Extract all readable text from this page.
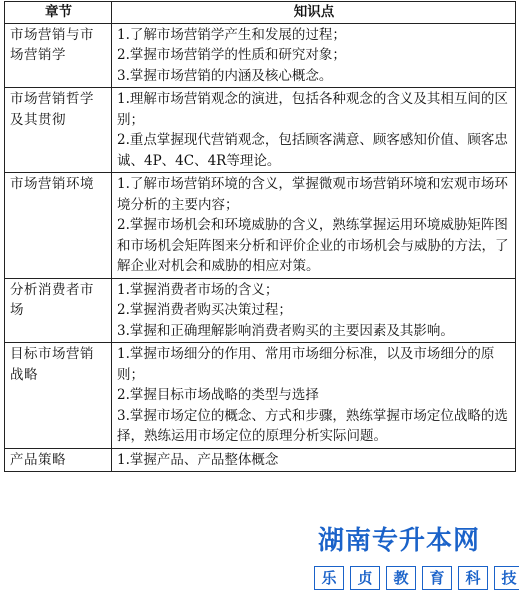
章节	知识点
市场营销与市场营销学	1.了解市场营销学产生和发展的过程；
2.掌握市场营销学的性质和研究对象；
3.掌握市场营销的内涵及核心概念。

市场营销哲学及其贯彻	1.理解市场营销观念的演进，包括各种观念的含义及其相互间的区别；
2.重点掌握现代营销观念，包括顾客满意、顾客感知价值、顾客忠诚、4P、4C、4R等理论。

市场营销环境	1.了解市场营销环境的含义，掌握微观市场营销环境和宏观市场环境分析的主要内容；
2.掌握市场机会和环境威胁的含义，熟练掌握运用环境威胁矩阵图和市场机会矩阵图来分析和评价企业的市场机会与威胁的方法，了解企业对机会和威胁的相应对策。

分析消费者市场	1.掌握消费者市场的含义；
2.掌握消费者购买决策过程；
3.掌握和正确理解影响消费者购买的主要因素及其影响。

目标市场营销战略	1.掌握市场细分的作用、常用市场细分标准，以及市场细分的原则；
2.掌握目标市场战略的类型与选择
3.掌握市场定位的概念、方式和步骤，熟练掌握市场定位战略的选择，熟练运用市场定位的原理分析实际问题。

产品策略	1.掌握产品、产品整体概念
湖南专升本网
乐	贞	教	育	科	技
